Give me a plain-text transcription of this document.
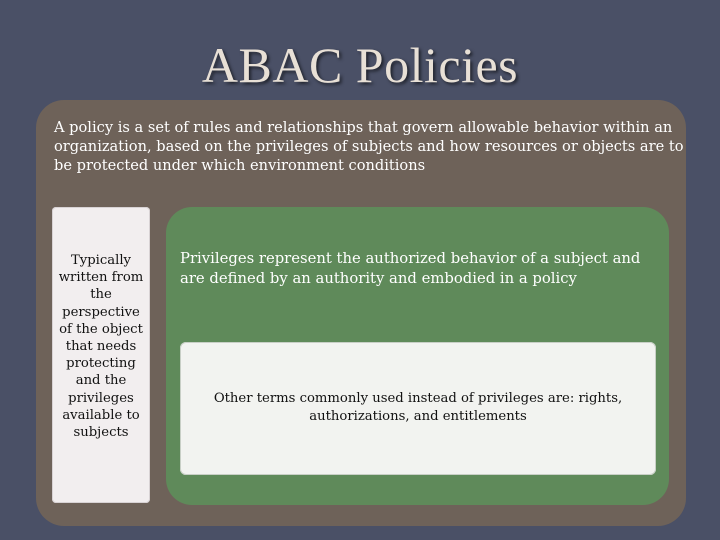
ABAC Policies
A policy is a set of rules and relationships that govern allowable behavior within an organization, based on the privileges of subjects and how resources or objects are to be protected under which environment conditions
Typically written from the perspective of the object that needs protecting and the privileges available to subjects
Privileges represent the authorized behavior of a subject and are defined by an authority and embodied in a policy
Other terms commonly used instead of privileges are: rights, authorizations, and entitlements
